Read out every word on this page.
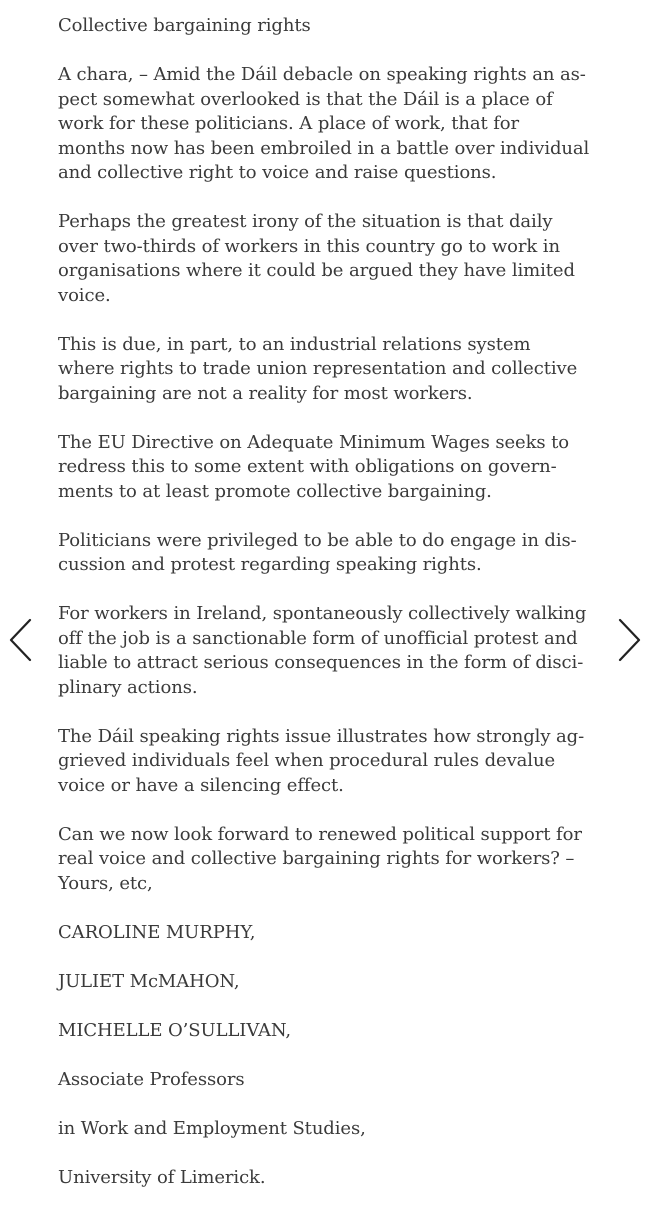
Collective bargaining rights

A chara, – Amid the Dáil debacle on speaking rights an as-
pect somewhat overlooked is that the Dáil is a place of
work for these politicians. A place of work, that for
months now has been embroiled in a battle over individual
and collective right to voice and raise questions.

Perhaps the greatest irony of the situation is that daily
over two-thirds of workers in this country go to work in
organisations where it could be argued they have limited
voice.

This is due, in part, to an industrial relations system
where rights to trade union representation and collective
bargaining are not a reality for most workers.

The EU Directive on Adequate Minimum Wages seeks to
redress this to some extent with obligations on govern-
ments to at least promote collective bargaining.

Politicians were privileged to be able to do engage in dis-
cussion and protest regarding speaking rights.

For workers in Ireland, spontaneously collectively walking
off the job is a sanctionable form of unofficial protest and
liable to attract serious consequences in the form of disci-
plinary actions.

The Dáil speaking rights issue illustrates how strongly ag-
grieved individuals feel when procedural rules devalue
voice or have a silencing effect.

Can we now look forward to renewed political support for
real voice and collective bargaining rights for workers? –
Yours, etc,

CAROLINE MURPHY,

JULIET McMAHON,

MICHELLE O’SULLIVAN,

Associate Professors

in Work and Employment Studies,

University of Limerick.
